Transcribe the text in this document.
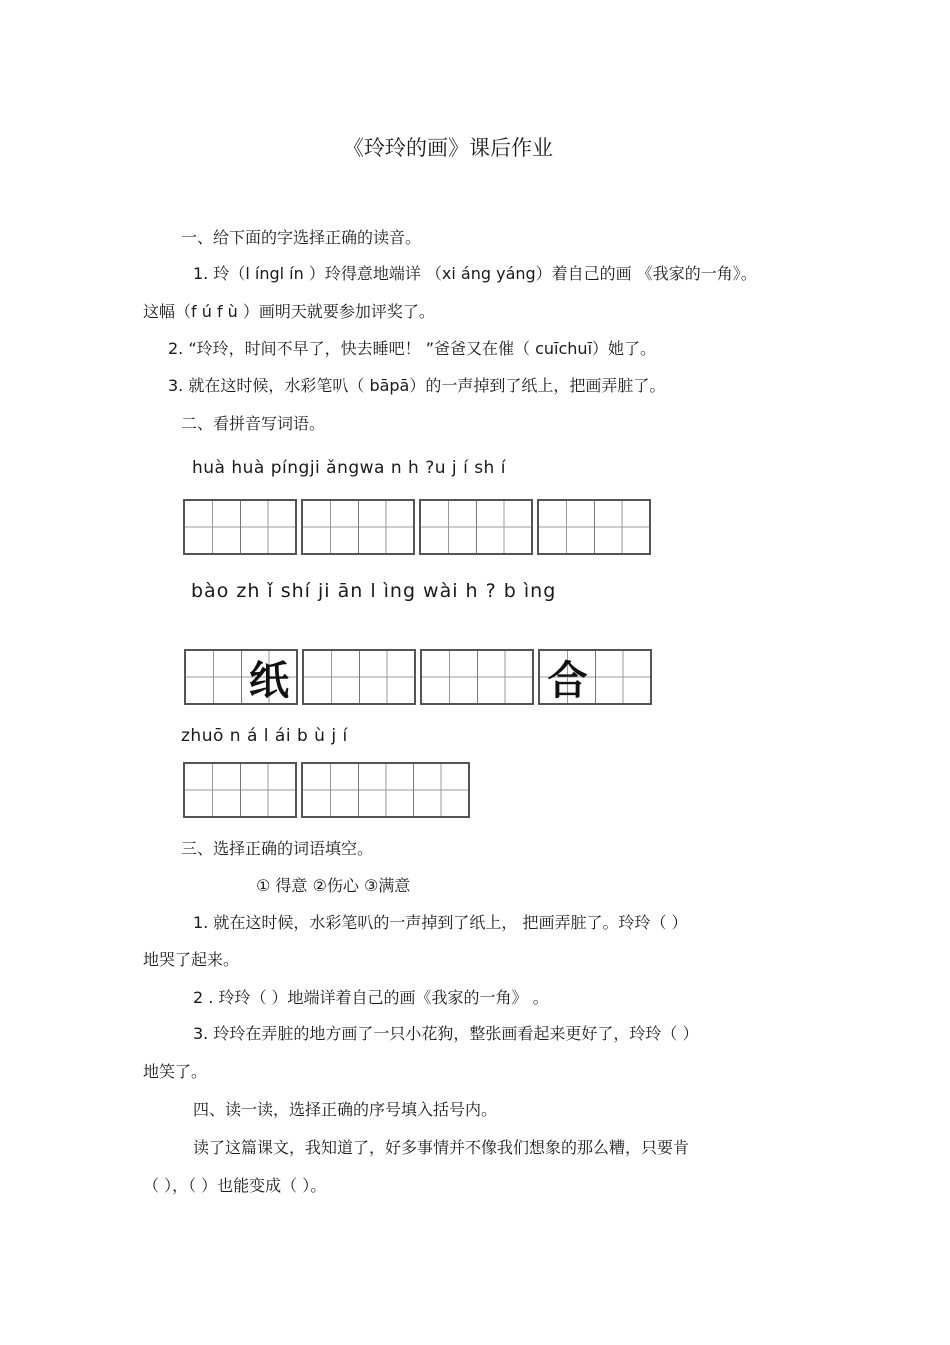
《玲玲的画》课后作业
一、给下面的字选择正确的读音。
1. 玲（l íngl ín ）玲得意地端详 （xi áng yáng）着自己的画 《我家的一角》。
这幅（f ú f ù ）画明天就要参加评奖了。
2. “玲玲，时间不早了，快去睡吧！ ”爸爸又在催（ cuīchuī）她了。
3. 就在这时候，水彩笔叭（ bāpā）的一声掉到了纸上，把画弄脏了。
二、看拼音写词语。
huà huà píngji ǎngwa n h ?u j í sh í
bào zh ǐ shí ji ān l ìng wài h ? b ìng
纸	合
zhuō n á l ái b ù j í
三、选择正确的词语填空。
① 得意 ②伤心 ③满意
1. 就在这时候，水彩笔叭的一声掉到了纸上， 把画弄脏了。玲玲（ ）
地哭了起来。
2 . 玲玲（ ）地端详着自己的画《我家的一角》 。
3. 玲玲在弄脏的地方画了一只小花狗，整张画看起来更好了，玲玲（ ）
地笑了。
四、读一读，选择正确的序号填入括号内。
读了这篇课文，我知道了，好多事情并不像我们想象的那么糟，只要肯
（ ），（ ）也能变成（ ）。
